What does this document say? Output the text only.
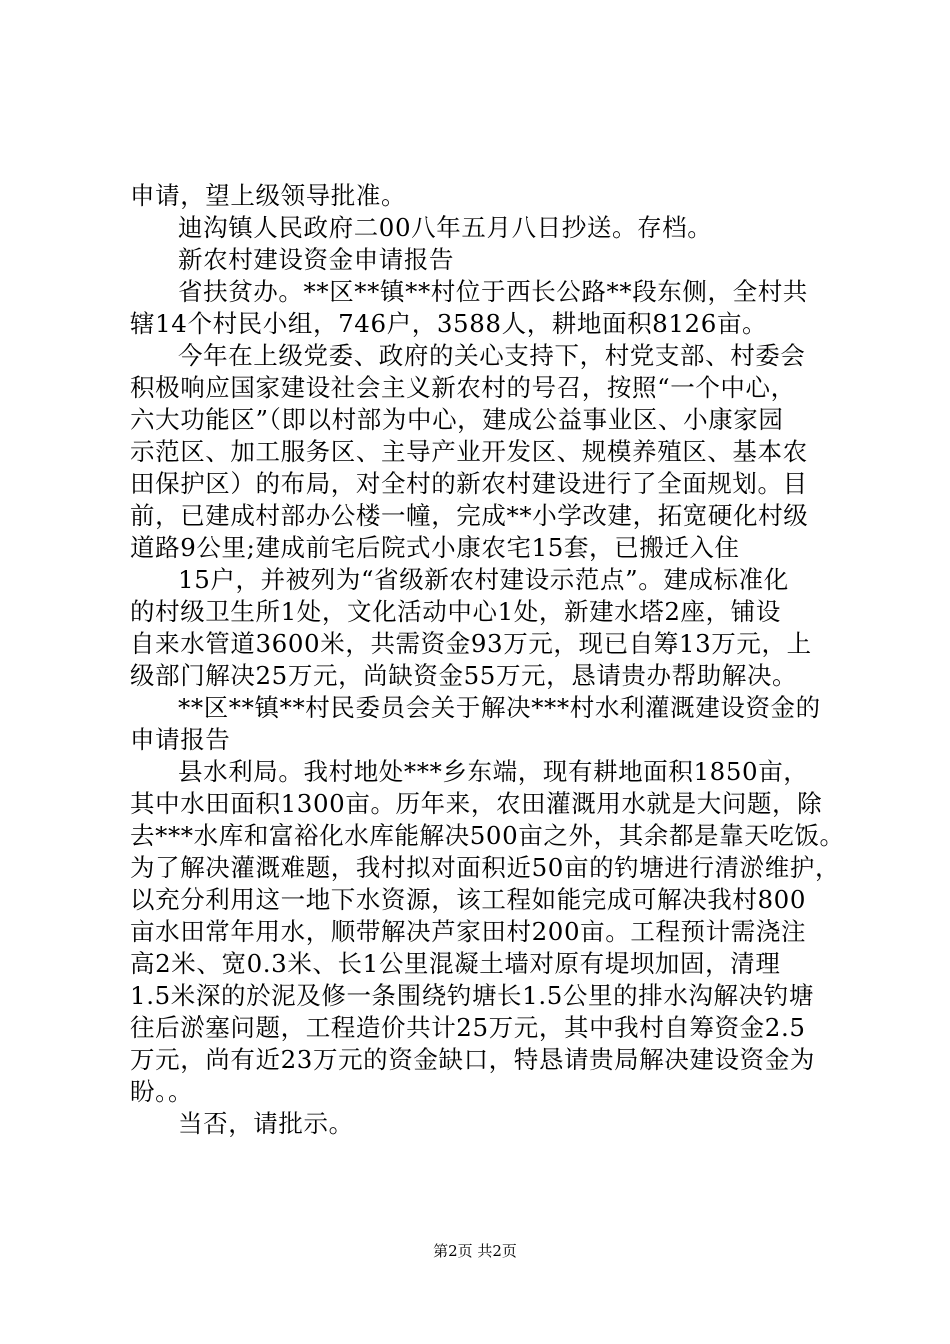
申请，望上级领导批准。
迪沟镇人民政府二00八年五月八日抄送。存档。
新农村建设资金申请报告
省扶贫办。**区**镇**村位于西长公路**段东侧，全村共
辖14个村民小组，746户，3588人，耕地面积8126亩。
今年在上级党委、政府的关心支持下，村党支部、村委会
积极响应国家建设社会主义新农村的号召，按照“一个中心，
六大功能区”（即以村部为中心，建成公益事业区、小康家园
示范区、加工服务区、主导产业开发区、规模养殖区、基本农
田保护区）的布局，对全村的新农村建设进行了全面规划。目
前，已建成村部办公楼一幢，完成**小学改建，拓宽硬化村级
道路9公里;建成前宅后院式小康农宅15套，已搬迁入住
15户，并被列为“省级新农村建设示范点”。建成标准化
的村级卫生所1处，文化活动中心1处，新建水塔2座，铺设
自来水管道3600米，共需资金93万元，现已自筹13万元，上
级部门解决25万元，尚缺资金55万元，恳请贵办帮助解决。
**区**镇**村民委员会关于解决***村水利灌溉建设资金的
申请报告
县水利局。我村地处***乡东端，现有耕地面积1850亩，
其中水田面积1300亩。历年来，农田灌溉用水就是大问题，除
去***水库和富裕化水库能解决500亩之外，其余都是靠天吃饭。
为了解决灌溉难题，我村拟对面积近50亩的钓塘进行清淤维护，
以充分利用这一地下水资源，该工程如能完成可解决我村800
亩水田常年用水，顺带解决芦家田村200亩。工程预计需浇注
高2米、宽0.3米、长1公里混凝土墙对原有堤坝加固，清理
1.5米深的於泥及修一条围绕钓塘长1.5公里的排水沟解决钓塘
往后淤塞问题，工程造价共计25万元，其中我村自筹资金2.5
万元，尚有近23万元的资金缺口，特恳请贵局解决建设资金为
盼。。
当否，请批示。
第2页 共2页
